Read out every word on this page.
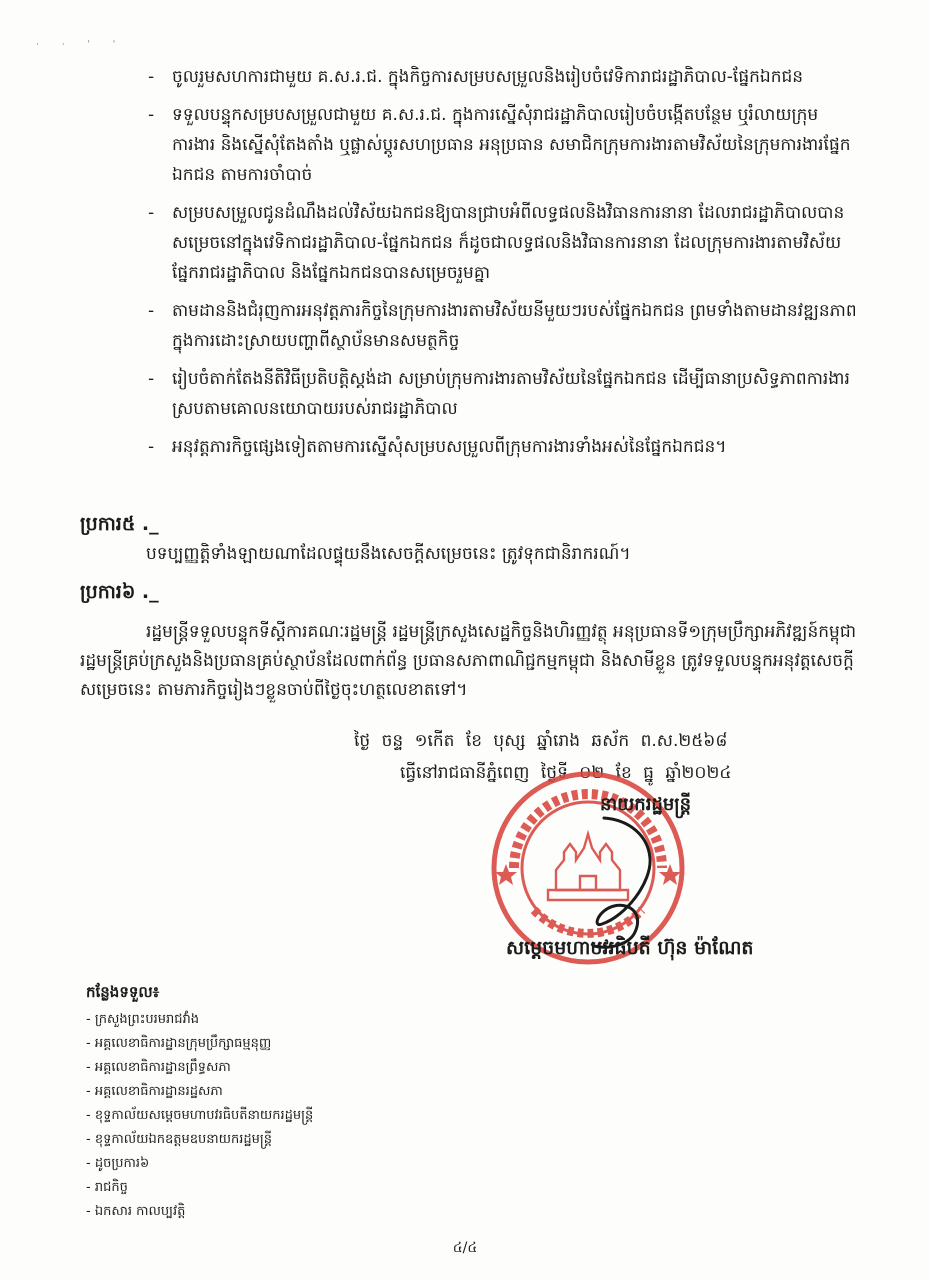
· · ˈ ˈ
- ចូលរួមសហការជាមួយ គ.ស.រ.ជ. ក្នុងកិច្ចការសម្របសម្រួលនិងរៀបចំវេទិការាជរដ្ឋាភិបាល-ផ្នែកឯកជន
- ទទួលបន្ទុកសម្របសម្រួលជាមួយ គ.ស.រ.ជ. ក្នុងការស្នើសុំរាជរដ្ឋាភិបាលរៀបចំបង្កើតបន្ថែម ឬរំលាយក្រុមការងារ និងស្នើសុំតែងតាំង ឬផ្លាស់ប្តូរសហប្រធាន អនុប្រធាន សមាជិកក្រុមការងារតាមវិស័យនៃក្រុមការងារផ្នែកឯកជន តាមការចាំបាច់
- សម្របសម្រួលជូនដំណឹងដល់វិស័យឯកជនឱ្យបានជ្រាបអំពីលទ្ធផលនិងវិធានការនានា ដែលរាជរដ្ឋាភិបាលបានសម្រេចនៅក្នុងវេទិកាជរដ្ឋាភិបាល-ផ្នែកឯកជន ក៏ដូចជាលទ្ធផលនិងវិធានការនានា ដែលក្រុមការងារតាមវិស័យផ្នែករាជរដ្ឋាភិបាល និងផ្នែកឯកជនបានសម្រេចរួមគ្នា
- តាមដាននិងជំរុញការអនុវត្តភារកិច្ចនៃក្រុមការងារតាមវិស័យនីមួយៗរបស់ផ្នែកឯកជន ព្រមទាំងតាមដានវឌ្ឍនភាពក្នុងការដោះស្រាយបញ្ហាពីស្ថាប័នមានសមត្ថកិច្ច
- រៀបចំតាក់តែងនីតិវិធីប្រតិបត្តិស្តង់ដា សម្រាប់ក្រុមការងារតាមវិស័យនៃផ្នែកឯកជន ដើម្បីធានាប្រសិទ្ធភាពការងារ ស្របតាមគោលនយោបាយរបស់រាជរដ្ឋាភិបាល
- អនុវត្តភារកិច្ចផ្សេងទៀតតាមការស្នើសុំសម្របសម្រួលពីក្រុមការងារទាំងអស់នៃផ្នែកឯកជន។
ប្រការ៥ ._
បទប្បញ្ញត្តិទាំងឡាយណាដែលផ្ទុយនឹងសេចក្តីសម្រេចនេះ ត្រូវទុកជានិរាករណ៍។
ប្រការ៦ ._
រដ្ឋមន្ត្រីទទួលបន្ទុកទីស្តីការគណៈរដ្ឋមន្ត្រី រដ្ឋមន្ត្រីក្រសួងសេដ្ឋកិច្ចនិងហិរញ្ញវត្ថុ អនុប្រធានទី១ក្រុមប្រឹក្សាអភិវឌ្ឍន៍កម្ពុជា រដ្ឋមន្ត្រីគ្រប់ក្រសួងនិងប្រធានគ្រប់ស្ថាប័នដែលពាក់ព័ន្ធ ប្រធានសភាពាណិជ្ជកម្មកម្ពុជា និងសាមីខ្លួន ត្រូវទទួលបន្ទុកអនុវត្តសេចក្តីសម្រេចនេះ តាមភារកិច្ចរៀងៗខ្លួនចាប់ពីថ្ងៃចុះហត្ថលេខាតទៅ។
ថ្ងៃ ចន្ទ ១កើត ខែ បុស្ស ឆ្នាំរោង ឆស័ក ព.ស.២៥៦៨
ធ្វើនៅរាជធានីភ្នំពេញ ថ្ងៃទី ០២ ខែ ធ្នូ ឆ្នាំ២០២៤
នាយករដ្ឋមន្ត្រី
សម្តេចមហាបវរធិបតី ហ៊ុន ម៉ាណែត
កន្លែងទទួល៖
- ក្រសួងព្រះបរមរាជវាំង
- អគ្គលេខាធិការដ្ឋានក្រុមប្រឹក្សាធម្មនុញ្ញ
- អគ្គលេខាធិការដ្ឋានព្រឹទ្ធសភា
- អគ្គលេខាធិការដ្ឋានរដ្ឋសភា
- ខុទ្ទកាល័យសម្តេចមហាបវរធិបតីនាយករដ្ឋមន្ត្រី
- ខុទ្ទកាល័យឯកឧត្តមឧបនាយករដ្ឋមន្ត្រី
- ដូចប្រការ៦
- រាជកិច្ច
- ឯកសារ កាលប្បវត្តិ
៤/៤
